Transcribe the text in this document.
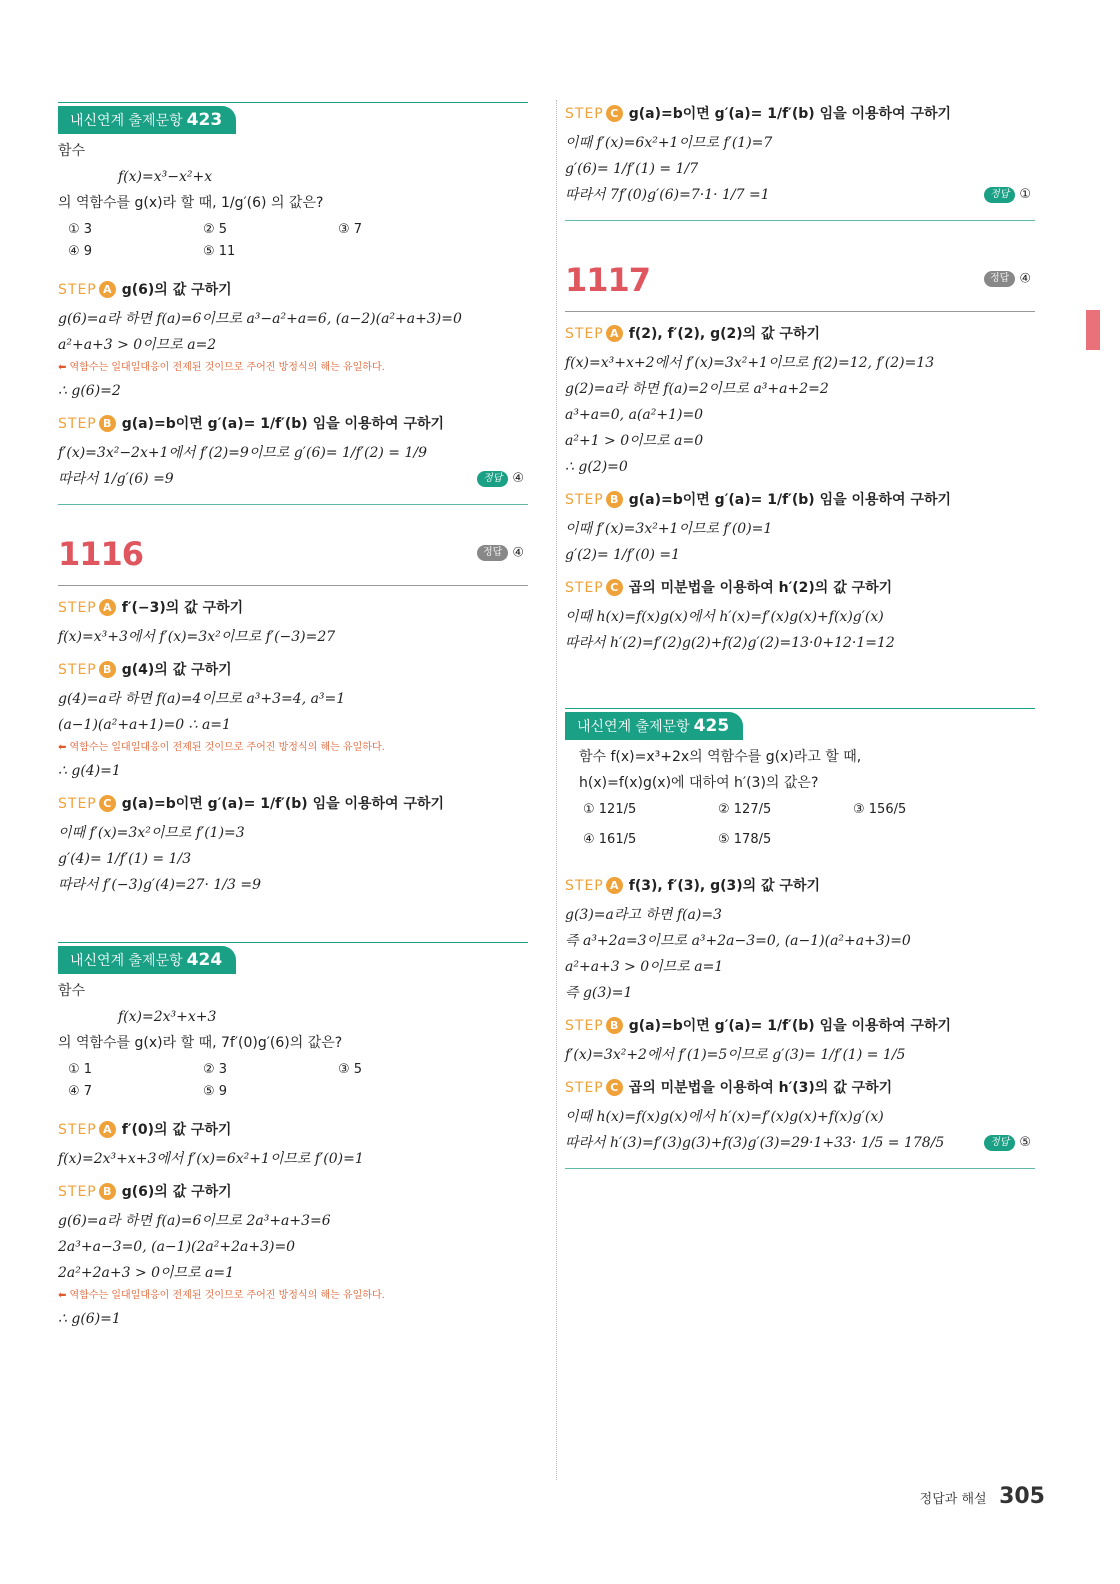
내신연계 출제문항 423
함수
f(x)=x³−x²+x
의 역함수를 g(x)라 할 때, 1/g′(6) 의 값은?
① 3	② 5	③ 7
④ 9	⑤ 11
STEP A g(6)의 값 구하기
g(6)=a라 하면 f(a)=6이므로 a³−a²+a=6, (a−2)(a²+a+3)=0
a²+a+3 > 0이므로 a=2
⬅ 역함수는 일대일대응이 전제된 것이므로 주어진 방정식의 해는 유일하다.
∴ g(6)=2
STEP B g(a)=b이면 g′(a)= 1/f′(b) 임을 이용하여 구하기
f′(x)=3x²−2x+1에서 f′(2)=9이므로 g′(6)= 1/f′(2) = 1/9
따라서 1/g′(6) =9	정답 ④
1116	정답 ④
STEP A f′(−3)의 값 구하기
f(x)=x³+3에서 f′(x)=3x²이므로 f′(−3)=27
STEP B g(4)의 값 구하기
g(4)=a라 하면 f(a)=4이므로 a³+3=4, a³=1
(a−1)(a²+a+1)=0 ∴ a=1
⬅ 역함수는 일대일대응이 전제된 것이므로 주어진 방정식의 해는 유일하다.
∴ g(4)=1
STEP C g(a)=b이면 g′(a)= 1/f′(b) 임을 이용하여 구하기
이때 f′(x)=3x²이므로 f′(1)=3
g′(4)= 1/f′(1) = 1/3
따라서 f′(−3)g′(4)=27· 1/3 =9
내신연계 출제문항 424
함수
f(x)=2x³+x+3
의 역함수를 g(x)라 할 때, 7f′(0)g′(6)의 값은?
① 1	② 3	③ 5
④ 7	⑤ 9
STEP A f′(0)의 값 구하기
f(x)=2x³+x+3에서 f′(x)=6x²+1이므로 f′(0)=1
STEP B g(6)의 값 구하기
g(6)=a라 하면 f(a)=6이므로 2a³+a+3=6
2a³+a−3=0, (a−1)(2a²+2a+3)=0
2a²+2a+3 > 0이므로 a=1
⬅ 역함수는 일대일대응이 전제된 것이므로 주어진 방정식의 해는 유일하다.
∴ g(6)=1
STEP C g(a)=b이면 g′(a)= 1/f′(b) 임을 이용하여 구하기
이때 f′(x)=6x²+1이므로 f′(1)=7
g′(6)= 1/f′(1) = 1/7
따라서 7f′(0)g′(6)=7·1· 1/7 =1	정답 ①
1117	정답 ④
STEP A f(2), f′(2), g(2)의 값 구하기
f(x)=x³+x+2에서 f′(x)=3x²+1이므로 f(2)=12, f′(2)=13
g(2)=a라 하면 f(a)=2이므로 a³+a+2=2
a³+a=0, a(a²+1)=0
a²+1 > 0이므로 a=0
∴ g(2)=0
STEP B g(a)=b이면 g′(a)= 1/f′(b) 임을 이용하여 구하기
이때 f′(x)=3x²+1이므로 f′(0)=1
g′(2)= 1/f′(0) =1
STEP C 곱의 미분법을 이용하여 h′(2)의 값 구하기
이때 h(x)=f(x)g(x)에서 h′(x)=f′(x)g(x)+f(x)g′(x)
따라서 h′(2)=f′(2)g(2)+f(2)g′(2)=13·0+12·1=12
내신연계 출제문항 425
함수 f(x)=x³+2x의 역함수를 g(x)라고 할 때,
h(x)=f(x)g(x)에 대하여 h′(3)의 값은?
① 121/5	② 127/5	③ 156/5
④ 161/5	⑤ 178/5
STEP A f(3), f′(3), g(3)의 값 구하기
g(3)=a라고 하면 f(a)=3
즉 a³+2a=3이므로 a³+2a−3=0, (a−1)(a²+a+3)=0
a²+a+3 > 0이므로 a=1
즉 g(3)=1
STEP B g(a)=b이면 g′(a)= 1/f′(b) 임을 이용하여 구하기
f′(x)=3x²+2에서 f′(1)=5이므로 g′(3)= 1/f′(1) = 1/5
STEP C 곱의 미분법을 이용하여 h′(3)의 값 구하기
이때 h(x)=f(x)g(x)에서 h′(x)=f′(x)g(x)+f(x)g′(x)
따라서 h′(3)=f′(3)g(3)+f(3)g′(3)=29·1+33· 1/5 = 178/5	정답 ⑤
정답과 해설 305
